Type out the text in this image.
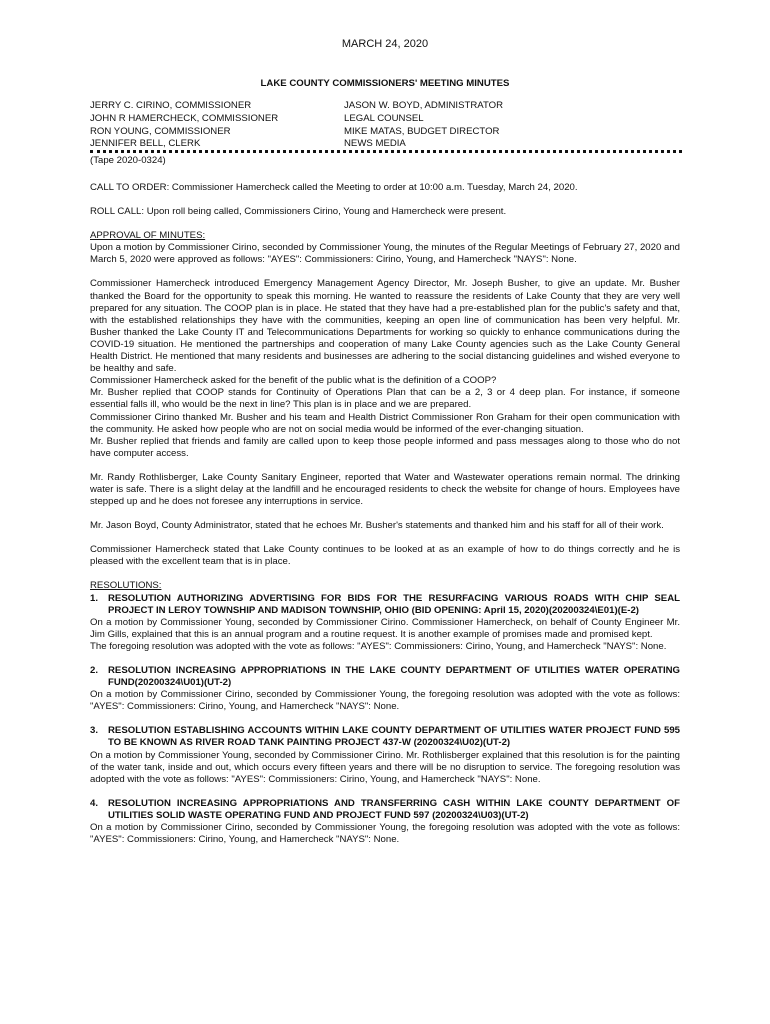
MARCH 24, 2020
LAKE COUNTY COMMISSIONERS' MEETING MINUTES
JERRY C. CIRINO, COMMISSIONER
JOHN R HAMERCHECK, COMMISSIONER
RON YOUNG, COMMISSIONER
JENNIFER BELL, CLERK
JASON W. BOYD, ADMINISTRATOR
LEGAL COUNSEL
MIKE MATAS, BUDGET DIRECTOR
NEWS MEDIA
(Tape 2020-0324)

CALL TO ORDER: Commissioner Hamercheck called the Meeting to order at 10:00 a.m. Tuesday, March 24, 2020.

ROLL CALL: Upon roll being called, Commissioners Cirino, Young and Hamercheck were present.

APPROVAL OF MINUTES:

Upon a motion by Commissioner Cirino, seconded by Commissioner Young, the minutes of the Regular Meetings of February 27, 2020 and March 5, 2020 were approved as follows: "AYES": Commissioners: Cirino, Young, and Hamercheck "NAYS": None.

Commissioner Hamercheck introduced Emergency Management Agency Director, Mr. Joseph Busher, to give an update. Mr. Busher thanked the Board for the opportunity to speak this morning. He wanted to reassure the residents of Lake County that they are very well prepared for any situation. The COOP plan is in place. He stated that they have had a pre-established plan for the public's safety and that, with the established relationships they have with the communities, keeping an open line of communication has been very helpful. Mr. Busher thanked the Lake County IT and Telecommunications Departments for working so quickly to enhance communications during the COVID-19 situation. He mentioned the partnerships and cooperation of many Lake County agencies such as the Lake County General Health District. He mentioned that many residents and businesses are adhering to the social distancing guidelines and wished everyone to be healthy and safe.

Commissioner Hamercheck asked for the benefit of the public what is the definition of a COOP?

Mr. Busher replied that COOP stands for Continuity of Operations Plan that can be a 2, 3 or 4 deep plan. For instance, if someone essential falls ill, who would be the next in line? This plan is in place and we are prepared.

Commissioner Cirino thanked Mr. Busher and his team and Health District Commissioner Ron Graham for their open communication with the community. He asked how people who are not on social media would be informed of the ever-changing situation.

Mr. Busher replied that friends and family are called upon to keep those people informed and pass messages along to those who do not have computer access.

Mr. Randy Rothlisberger, Lake County Sanitary Engineer, reported that Water and Wastewater operations remain normal. The drinking water is safe. There is a slight delay at the landfill and he encouraged residents to check the website for change of hours. Employees have stepped up and he does not foresee any interruptions in service.

Mr. Jason Boyd, County Administrator, stated that he echoes Mr. Busher's statements and thanked him and his staff for all of their work.

Commissioner Hamercheck stated that Lake County continues to be looked at as an example of how to do things correctly and he is pleased with the excellent team that is in place.

RESOLUTIONS:

1. RESOLUTION AUTHORIZING ADVERTISING FOR BIDS FOR THE RESURFACING VARIOUS ROADS WITH CHIP SEAL PROJECT IN LEROY TOWNSHIP AND MADISON TOWNSHIP, OHIO (BID OPENING: April 15, 2020)(20200324\E01)(E-2)

On a motion by Commissioner Young, seconded by Commissioner Cirino. Commissioner Hamercheck, on behalf of County Engineer Mr. Jim Gills, explained that this is an annual program and a routine request. It is another example of promises made and promised kept.

The foregoing resolution was adopted with the vote as follows: "AYES": Commissioners: Cirino, Young, and Hamercheck "NAYS": None.

2. RESOLUTION INCREASING APPROPRIATIONS IN THE LAKE COUNTY DEPARTMENT OF UTILITIES WATER OPERATING FUND(20200324\U01)(UT-2)

On a motion by Commissioner Cirino, seconded by Commissioner Young, the foregoing resolution was adopted with the vote as follows: "AYES": Commissioners: Cirino, Young, and Hamercheck "NAYS": None.

3. RESOLUTION ESTABLISHING ACCOUNTS WITHIN LAKE COUNTY DEPARTMENT OF UTILITIES WATER PROJECT FUND 595 TO BE KNOWN AS RIVER ROAD TANK PAINTING PROJECT 437-W (20200324\U02)(UT-2)

On a motion by Commissioner Young, seconded by Commissioner Cirino. Mr. Rothlisberger explained that this resolution is for the painting of the water tank, inside and out, which occurs every fifteen years and there will be no disruption to service. The foregoing resolution was adopted with the vote as follows: "AYES": Commissioners: Cirino, Young, and Hamercheck "NAYS": None.

4. RESOLUTION INCREASING APPROPRIATIONS AND TRANSFERRING CASH WITHIN LAKE COUNTY DEPARTMENT OF UTILITIES SOLID WASTE OPERATING FUND AND PROJECT FUND 597 (20200324\U03)(UT-2)

On a motion by Commissioner Cirino, seconded by Commissioner Young, the foregoing resolution was adopted with the vote as follows: "AYES": Commissioners: Cirino, Young, and Hamercheck "NAYS": None.
